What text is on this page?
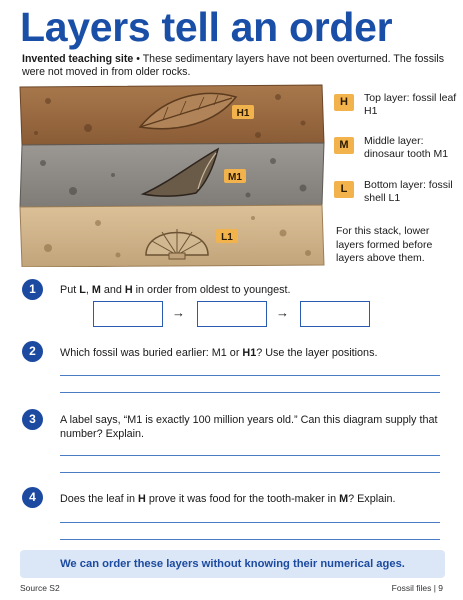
Layers tell an order
Invented teaching site • These sedimentary layers have not been overturned. The fossils were not moved in from older rocks.
H1
M1
L1
H	Top layer: fossil leaf H1
M	Middle layer: dinosaur tooth M1
L	Bottom layer: fossil shell L1
For this stack, lower layers formed before layers above them.
1	Put L, M and H in order from oldest to youngest.
→	→
2	Which fossil was buried earlier: M1 or H1? Use the layer positions.
3	A label says, “M1 is exactly 100 million years old.” Can this diagram supply that number? Explain.
4	Does the leaf in H prove it was food for the tooth-maker in M? Explain.
We can order these layers without knowing their numerical ages.
Source S2	Fossil files | 9
